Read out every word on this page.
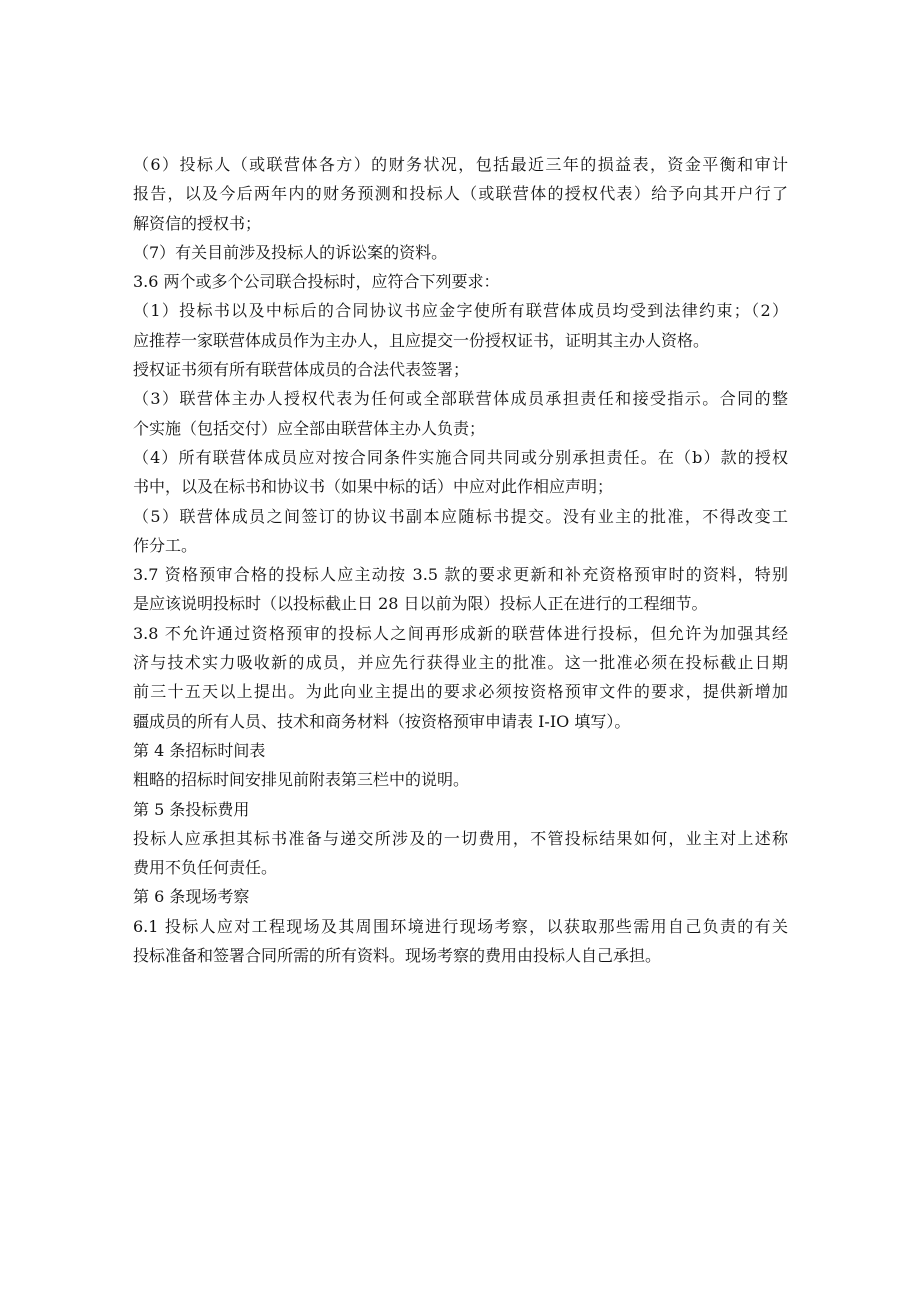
（6）投标人（或联营体各方）的财务状况，包括最近三年的损益表，资金平衡和审计
报告，以及今后两年内的财务预测和投标人（或联营体的授权代表）给予向其开户行了
解资信的授权书；
（7）有关目前涉及投标人的诉讼案的资料。
3.6 两个或多个公司联合投标时，应符合下列要求：
（1）投标书以及中标后的合同协议书应金字使所有联营体成员均受到法律约束；（2）
应推荐一家联营体成员作为主办人，且应提交一份授权证书，证明其主办人资格。
授权证书须有所有联营体成员的合法代表签署；
（3）联营体主办人授权代表为任何或全部联营体成员承担责任和接受指示。合同的整
个实施（包括交付）应全部由联营体主办人负责；
（4）所有联营体成员应对按合同条件实施合同共同或分别承担责任。在（b）款的授权
书中，以及在标书和协议书（如果中标的话）中应对此作相应声明；
（5）联营体成员之间签订的协议书副本应随标书提交。没有业主的批准，不得改变工
作分工。
3.7 资格预审合格的投标人应主动按 3.5 款的要求更新和补充资格预审时的资料，特别
是应该说明投标时（以投标截止日 28 日以前为限）投标人正在进行的工程细节。
3.8 不允许通过资格预审的投标人之间再形成新的联营体进行投标，但允许为加强其经
济与技术实力吸收新的成员，并应先行获得业主的批准。这一批准必须在投标截止日期
前三十五天以上提出。为此向业主提出的要求必须按资格预审文件的要求，提供新增加
疆成员的所有人员、技术和商务材料（按资格预审申请表 I-IO 填写）。
第 4 条招标时间表
粗略的招标时间安排见前附表第三栏中的说明。
第 5 条投标费用
投标人应承担其标书准备与递交所涉及的一切费用，不管投标结果如何，业主对上述称
费用不负任何责任。
第 6 条现场考察
6.1 投标人应对工程现场及其周围环境进行现场考察，以获取那些需用自己负责的有关
投标准备和签署合同所需的所有资料。现场考察的费用由投标人自己承担。
